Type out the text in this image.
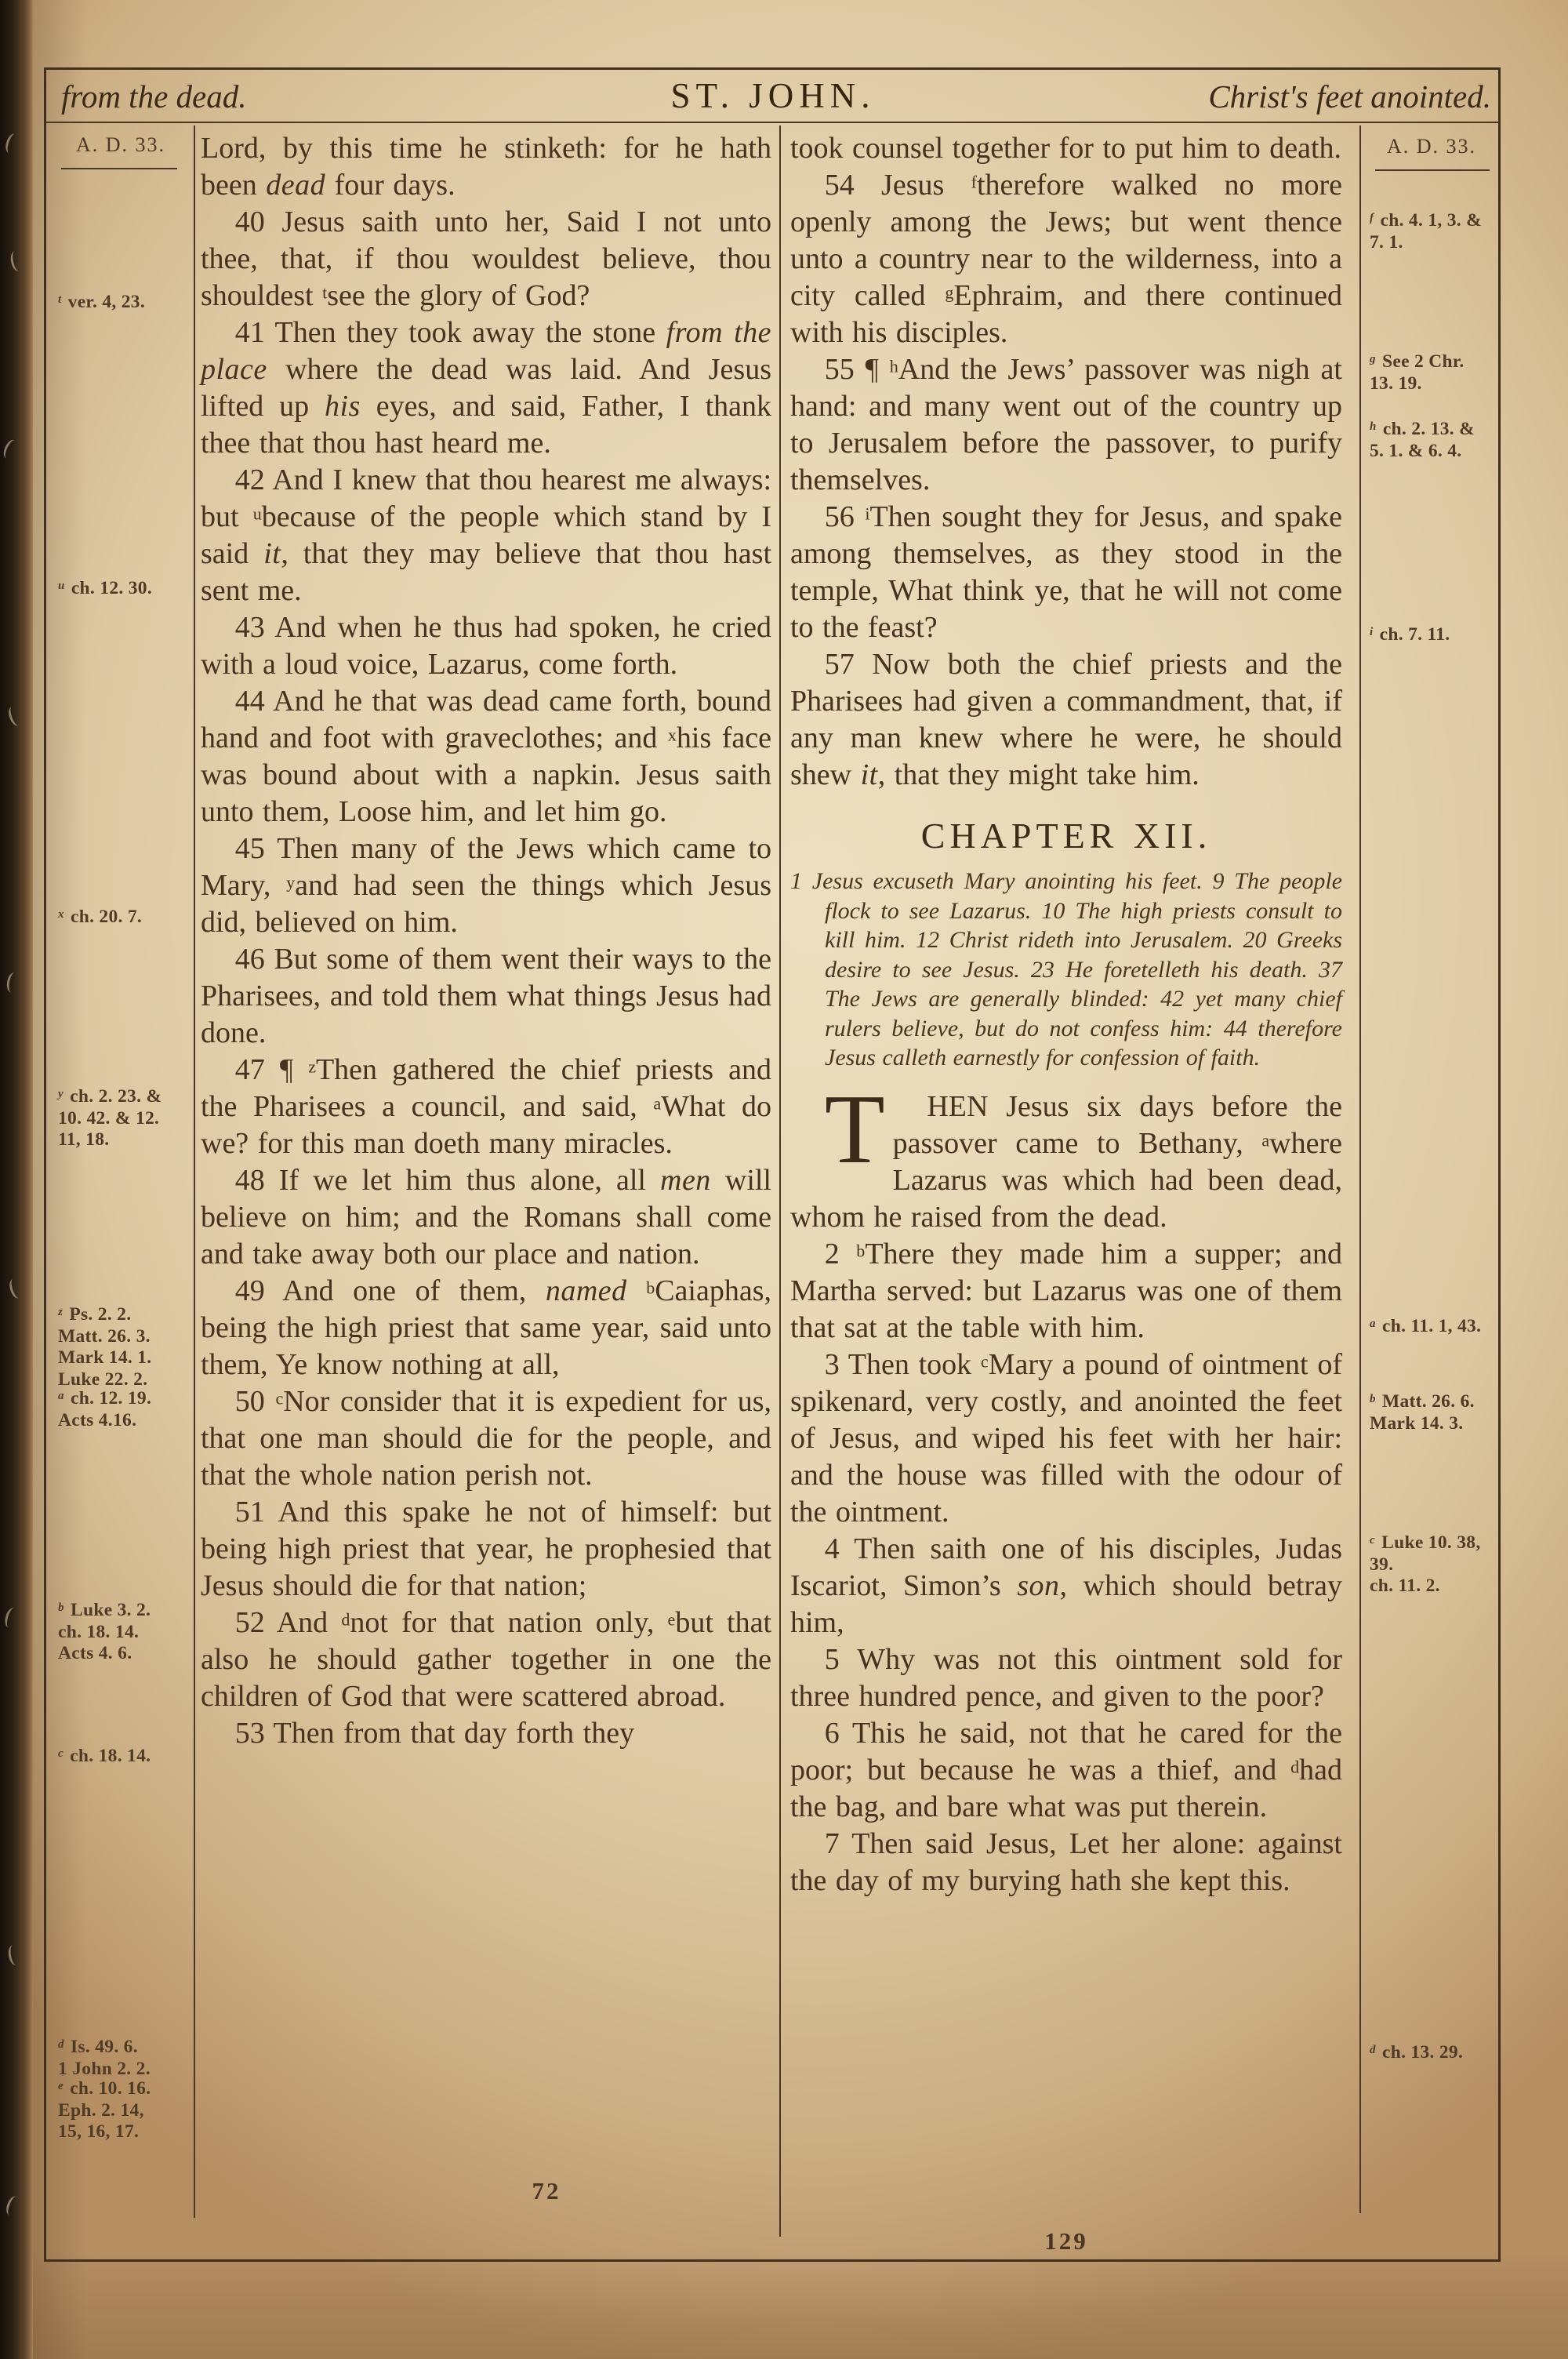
from the dead.	ST. JOHN.	Christ's feet anointed.
A. D. 33.
$^t$ ver. 4, 23.
$^u$ ch. 12. 30.
$^x$ ch. 20. 7.
$^y$ ch. 2. 23. &
10. 42. & 12.
11, 18.
$^z$ Ps. 2. 2.
Matt. 26. 3.
Mark 14. 1.
Luke 22. 2.
$^a$ ch. 12. 19.
Acts 4.16.
$^b$ Luke 3. 2.
ch. 18. 14.
Acts 4. 6.
$^c$ ch. 18. 14.
$^d$ Is. 49. 6.
1 John 2. 2.
$^e$ ch. 10. 16.
Eph. 2. 14,
15, 16, 17.
A. D. 33.
$^f$ ch. 4. 1, 3. &
7. 1.
$^g$ See 2 Chr.
13. 19.
$^h$ ch. 2. 13. &
5. 1. & 6. 4.
$^i$ ch. 7. 11.
$^a$ ch. 11. 1, 43.
$^b$ Matt. 26. 6.
Mark 14. 3.
$^c$ Luke 10. 38,
39.
ch. 11. 2.
$^d$ ch. 13. 29.

Lord, by this time he stinketh: for he hath been dead four days.

40 Jesus saith unto her, Said I not unto thee, that, if thou wouldest believe, thou shouldest $^t$see the glory of God?

41 Then they took away the stone from the place where the dead was laid. And Jesus lifted up his eyes, and said, Father, I thank thee that thou hast heard me.

42 And I knew that thou hearest me always: but $^u$because of the people which stand by I said it, that they may believe that thou hast sent me.

43 And when he thus had spoken, he cried with a loud voice, Lazarus, come forth.

44 And he that was dead came forth, bound hand and foot with graveclothes; and $^x$his face was bound about with a napkin. Jesus saith unto them, Loose him, and let him go.

45 Then many of the Jews which came to Mary, $^y$and had seen the things which Jesus did, believed on him.

46 But some of them went their ways to the Pharisees, and told them what things Jesus had done.

47 ¶ $^z$Then gathered the chief priests and the Pharisees a council, and said, $^a$What do we? for this man doeth many miracles.

48 If we let him thus alone, all men will believe on him; and the Romans shall come and take away both our place and nation.

49 And one of them, named $^b$Caiaphas, being the high priest that same year, said unto them, Ye know nothing at all,

50 $^c$Nor consider that it is expedient for us, that one man should die for the people, and that the whole nation perish not.

51 And this spake he not of himself: but being high priest that year, he prophesied that Jesus should die for that nation;

52 And $^d$not for that nation only, $^e$but that also he should gather together in one the children of God that were scattered abroad.

53 Then from that day forth they

took counsel together for to put him to death.

54 Jesus $^f$therefore walked no more openly among the Jews; but went thence unto a country near to the wilderness, into a city called $^g$Ephraim, and there continued with his disciples.

55 ¶ $^h$And the Jews’ passover was nigh at hand: and many went out of the country up to Jerusalem before the passover, to purify themselves.

56 $^i$Then sought they for Jesus, and spake among themselves, as they stood in the temple, What think ye, that he will not come to the feast?

57 Now both the chief priests and the Pharisees had given a commandment, that, if any man knew where he were, he should shew it, that they might take him.

CHAPTER XII.
1 Jesus excuseth Mary anointing his feet. 9 The people flock to see Lazarus. 10 The high priests consult to kill him. 12 Christ rideth into Jerusalem. 20 Greeks desire to see Jesus. 23 He foretelleth his death. 37 The Jews are generally blinded: 42 yet many chief rulers believe, but do not confess him: 44 therefore Jesus calleth earnestly for confession of faith.

T HEN Jesus six days before the passover came to Bethany, $^a$where Lazarus was which had been dead, whom he raised from the dead.

2 $^b$There they made him a supper; and Martha served: but Lazarus was one of them that sat at the table with him.

3 Then took $^c$Mary a pound of ointment of spikenard, very costly, and anointed the feet of Jesus, and wiped his feet with her hair: and the house was filled with the odour of the ointment.

4 Then saith one of his disciples, Judas Iscariot, Simon’s son, which should betray him,

5 Why was not this ointment sold for three hundred pence, and given to the poor?

6 This he said, not that he cared for the poor; but because he was a thief, and $^d$had the bag, and bare what was put therein.

7 Then said Jesus, Let her alone: against the day of my burying hath she kept this.

72
129
